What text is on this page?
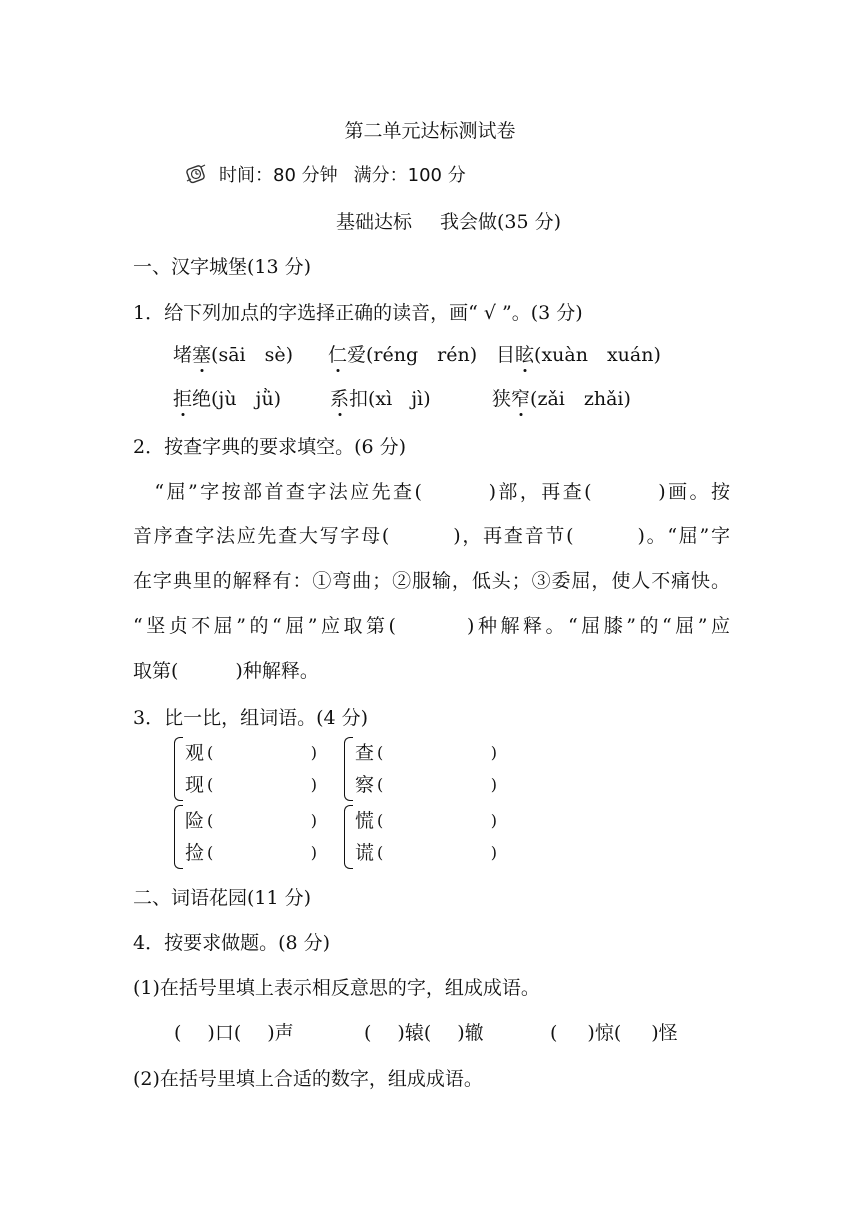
第二单元达标测试卷
时间：80 分钟 满分：100 分
基础达标 我会做(35 分)
一、汉字城堡(13 分)
1．给下列加点的字选择正确的读音，画“ √ ”。(3 分)
堵塞(sāi　sè) 仁爱(réng　rén) 目眩(xuàn　xuán)
拒绝(jù　jǜ)	系扣(xì　jì)	狭窄(zǎi　zhǎi)
2．按查字典的要求填空。(6 分)
　“屈”字按部首查字法应先查(　　　)部，再查(　　　)画。按
音序查字法应先查大写字母(　　　)，再查音节(　　　)。“屈”字
在字典里的解释有：①弯曲；②服输，低头；③委屈，使人不痛快。
“坚贞不屈”的“屈”应取第(　　　)种解释。“屈膝”的“屈”应
取第(　　　)种解释。
3．比一比，组词语。(4 分)
观 (	)
现 (	)
查 (	)
察 (	)
险 (	)
捡 (	)
慌 (	)
谎 (	)
二、词语花园(11 分)
4．按要求做题。(8 分)
(1)在括号里填上表示相反意思的字，组成成语。
( )口( )声	( )辕( )辙	( )惊( )怪
(2)在括号里填上合适的数字，组成成语。
